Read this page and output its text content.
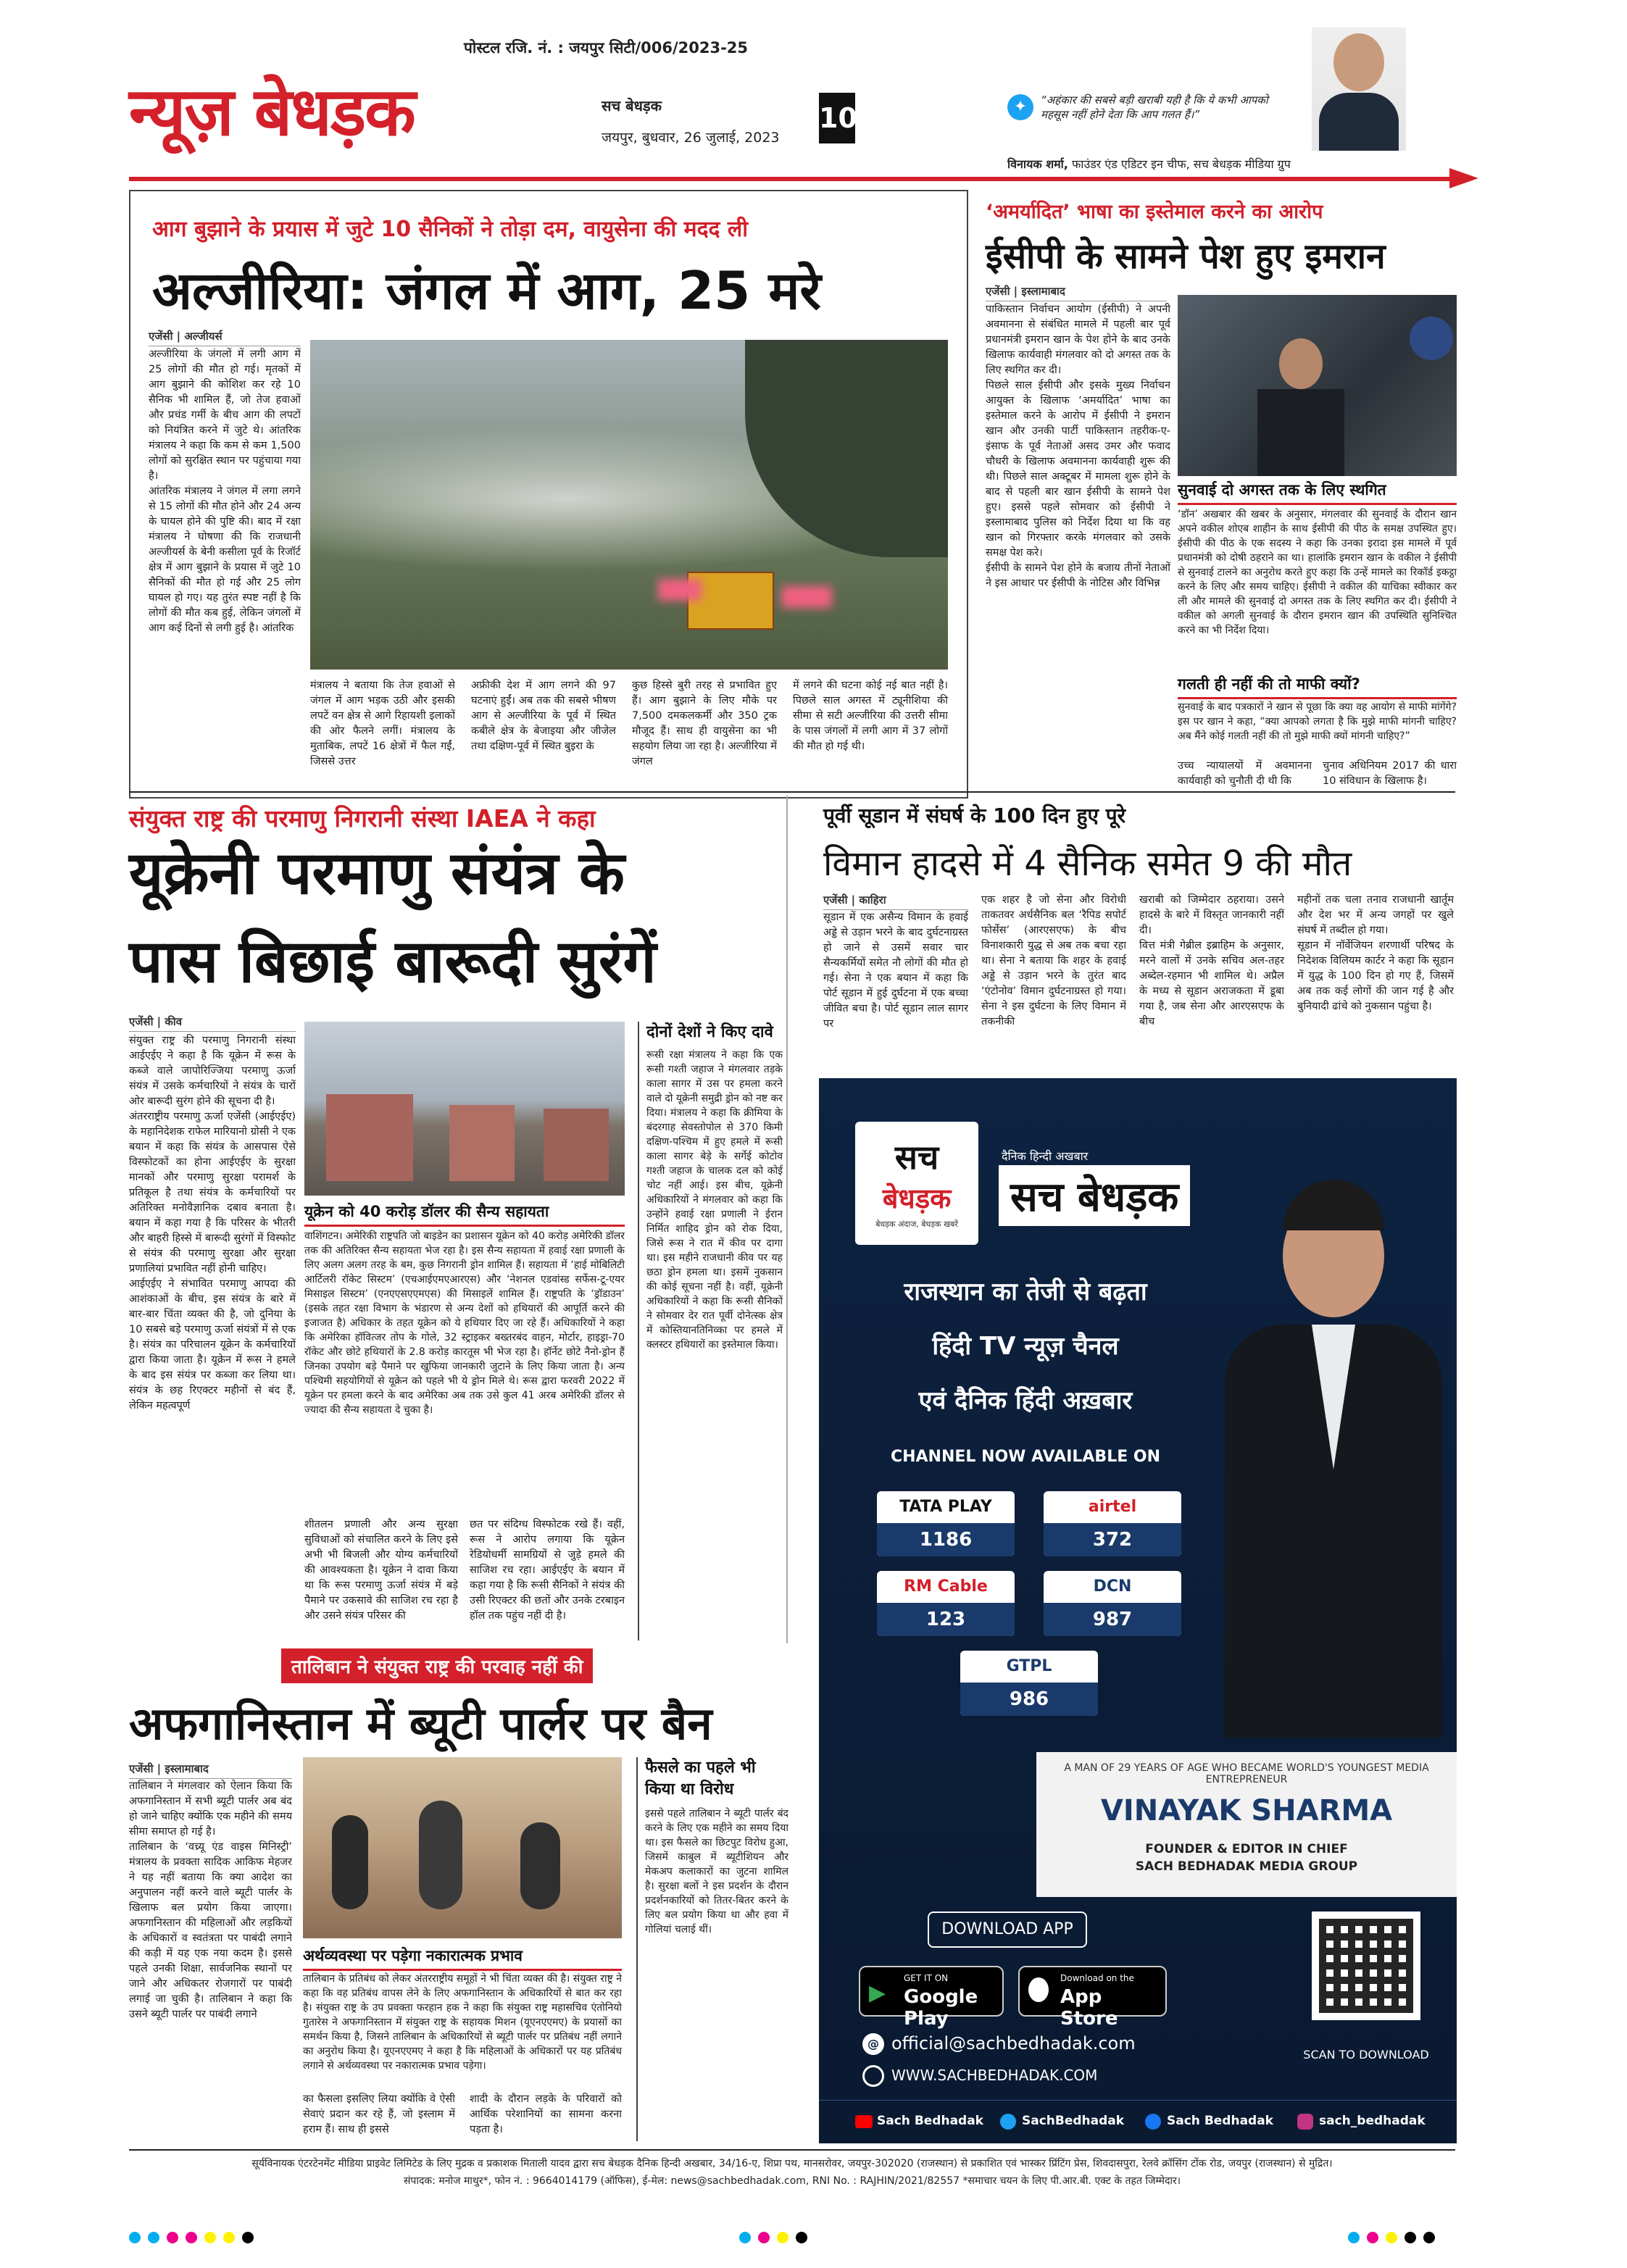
पोस्टल रजि. नं. : जयपुर सिटी/006/2023-25
न्यूज़ बेधड़क	सच बेधड़क
जयपुर, बुधवार, 26 जुलाई, 2023
10	✦	“अहंकार की सबसे बड़ी खराबी यही है कि ये कभी आपको महसूस नहीं होने देता कि आप गलत हैं।”
विनायक शर्मा, फाउंडर एंड एडिटर इन चीफ, सच बेधड़क मीडिया ग्रुप
आग बुझाने के प्रयास में जुटे 10 सैनिकों ने तोड़ा दम, वायुसेना की मदद ली
अल्जीरिया: जंगल में आग, 25 मरे
एजेंसी | अल्जीयर्स
अल्जीरिया के जंगलों में लगी आग में 25 लोगों की मौत हो गई। मृतकों में आग बुझाने की कोशिश कर रहे 10 सैनिक भी शामिल हैं, जो तेज हवाओं और प्रचंड गर्मी के बीच आग की लपटों को नियंत्रित करने में जुटे थे। आंतरिक मंत्रालय ने कहा कि कम से कम 1,500 लोगों को सुरक्षित स्थान पर पहुंचाया गया है।
आंतरिक मंत्रालय ने जंगल में लगा लगने से 15 लोगों की मौत होने और 24 अन्य के घायल होने की पुष्टि की। बाद में रक्षा मंत्रालय ने घोषणा की कि राजधानी अल्जीयर्स के बेनी कसीला पूर्व के रिजॉर्ट क्षेत्र में आग बुझाने के प्रयास में जुटे 10 सैनिकों की मौत हो गई और 25 लोग घायल हो गए। यह तुरंत स्पष्ट नहीं है कि लोगों की मौत कब हुई, लेकिन जंगलों में आग कई दिनों से लगी हुई है। आंतरिक
मंत्रालय ने बताया कि तेज हवाओं से जंगल में आग भड़क उठी और इसकी लपटें वन क्षेत्र से आगे रिहायशी इलाकों की ओर फैलने लगीं। मंत्रालय के मुताबिक, लपटें 16 क्षेत्रों में फैल गईं, जिससे उत्तर
अफ्रीकी देश में आग लगने की 97 घटनाएं हुईं। अब तक की सबसे भीषण आग से अल्जीरिया के पूर्व में स्थित कबीले क्षेत्र के बेजाइया और जीजेल तथा दक्षिण-पूर्व में स्थित बुइरा के
कुछ हिस्से बुरी तरह से प्रभावित हुए हैं। आग बुझाने के लिए मौके पर 7,500 दमकलकर्मी और 350 ट्रक मौजूद हैं। साथ ही वायुसेना का भी सहयोग लिया जा रहा है। अल्जीरिया में जंगल
में लगने की घटना कोई नई बात नहीं है। पिछले साल अगस्त में ट्यूनीशिया की सीमा से सटी अल्जीरिया की उत्तरी सीमा के पास जंगलों में लगी आग में 37 लोगों की मौत हो गई थी।
‘अमर्यादित’ भाषा का इस्तेमाल करने का आरोप
ईसीपी के सामने पेश हुए इमरान
एजेंसी | इस्लामाबाद
पाकिस्तान निर्वाचन आयोग (ईसीपी) ने अपनी अवमानना से संबंधित मामले में पहली बार पूर्व प्रधानमंत्री इमरान खान के पेश होने के बाद उनके खिलाफ कार्यवाही मंगलवार को दो अगस्त तक के लिए स्थगित कर दी।
पिछले साल ईसीपी और इसके मुख्य निर्वाचन आयुक्त के खिलाफ ‘अमर्यादित’ भाषा का इस्तेमाल करने के आरोप में ईसीपी ने इमरान खान और उनकी पार्टी पाकिस्तान तहरीक-ए-इंसाफ के पूर्व नेताओं असद उमर और फवाद चौधरी के खिलाफ अवमानना कार्यवाही शुरू की थी। पिछले साल अक्टूबर में मामला शुरू होने के बाद से पहली बार खान ईसीपी के सामने पेश हुए। इससे पहले सोमवार को ईसीपी ने इस्लामाबाद पुलिस को निर्देश दिया था कि वह खान को गिरफ्तार करके मंगलवार को उसके समक्ष पेश करे।
ईसीपी के सामने पेश होने के बजाय तीनों नेताओं ने इस आधार पर ईसीपी के नोटिस और विभिन्न
सुनवाई दो अगस्त तक के लिए स्थगित
‘डॉन’ अखबार की खबर के अनुसार, मंगलवार की सुनवाई के दौरान खान अपने वकील शोएब शाहीन के साथ ईसीपी की पीठ के समक्ष उपस्थित हुए। ईसीपी की पीठ के एक सदस्य ने कहा कि उनका इरादा इस मामले में पूर्व प्रधानमंत्री को दोषी ठहराने का था। हालांकि इमरान खान के वकील ने ईसीपी से सुनवाई टालने का अनुरोध करते हुए कहा कि उन्हें मामले का रिकॉर्ड इकट्ठा करने के लिए और समय चाहिए। ईसीपी ने वकील की याचिका स्वीकार कर ली और मामले की सुनवाई दो अगस्त तक के लिए स्थगित कर दी। ईसीपी ने वकील को अगली सुनवाई के दौरान इमरान खान की उपस्थिति सुनिश्चित करने का भी निर्देश दिया।
गलती ही नहीं की तो माफी क्यों?
सुनवाई के बाद पत्रकारों ने खान से पूछा कि क्या वह आयोग से माफी मांगेंगे? इस पर खान ने कहा, “क्या आपको लगता है कि मुझे माफी मांगनी चाहिए? अब मैंने कोई गलती नहीं की तो मुझे माफी क्यों मांगनी चाहिए?”
उच्च न्यायालयों में अवमानना कार्यवाही को चुनौती दी थी कि
चुनाव अधिनियम 2017 की धारा 10 संविधान के खिलाफ है।
संयुक्त राष्ट्र की परमाणु निगरानी संस्था IAEA ने कहा
यूक्रेनी परमाणु संयंत्र के
पास बिछाई बारूदी सुरंगें
एजेंसी | कीव
संयुक्त राष्ट्र की परमाणु निगरानी संस्था आईएईए ने कहा है कि यूक्रेन में रूस के कब्जे वाले जापोरिज्जिया परमाणु ऊर्जा संयंत्र में उसके कर्मचारियों ने संयंत्र के चारों ओर बारूदी सुरंग होने की सूचना दी है।
अंतरराष्ट्रीय परमाणु ऊर्जा एजेंसी (आईएईए) के महानिदेशक राफेल मारियानो ग्रोसी ने एक बयान में कहा कि संयंत्र के आसपास ऐसे विस्फोटकों का होना आईएईए के सुरक्षा मानकों और परमाणु सुरक्षा परामर्श के प्रतिकूल है तथा संयंत्र के कर्मचारियों पर अतिरिक्त मनोवैज्ञानिक दबाव बनाता है। बयान में कहा गया है कि परिसर के भीतरी और बाहरी हिस्से में बारूदी सुरंगों में विस्फोट से संयंत्र की परमाणु सुरक्षा और सुरक्षा प्रणालियां प्रभावित नहीं होनी चाहिए।
आईएईए ने संभावित परमाणु आपदा की आशंकाओं के बीच, इस संयंत्र के बारे में बार-बार चिंता व्यक्त की है, जो दुनिया के 10 सबसे बड़े परमाणु ऊर्जा संयंत्रों में से एक है। संयंत्र का परिचालन यूक्रेन के कर्मचारियों द्वारा किया जाता है। यूक्रेन में रूस ने हमले के बाद इस संयंत्र पर कब्जा कर लिया था। संयंत्र के छह रिएक्टर महीनों से बंद हैं, लेकिन महत्वपूर्ण
यूक्रेन को 40 करोड़ डॉलर की सैन्य सहायता
वाशिंगटन। अमेरिकी राष्ट्रपति जो बाइडेन का प्रशासन यूक्रेन को 40 करोड़ अमेरिकी डॉलर तक की अतिरिक्त सैन्य सहायता भेज रहा है। इस सैन्य सहायता में हवाई रक्षा प्रणाली के लिए अलग अलग तरह के बम, कुछ निगरानी ड्रोन शामिल हैं। सहायता में ‘हाई मोबिलिटी आर्टिलरी रॉकेट सिस्टम’ (एचआईएमएआरएस) और ‘नेशनल एडवांस्ड सर्फेस-टू-एयर मिसाइल सिस्टम’ (एनएएसएएमएस) की मिसाइलें शामिल हैं। राष्ट्रपति के ‘ड्रॉडाउन’ (इसके तहत रक्षा विभाग के भंडारण से अन्य देशों को हथियारों की आपूर्ति करने की इजाजत है) अधिकार के तहत यूक्रेन को ये हथियार दिए जा रहे हैं। अधिकारियों ने कहा कि अमेरिका हॉवित्जर तोप के गोले, 32 स्ट्राइकर बख्तरबंद वाहन, मोर्टार, हाइड्रा-70 रॉकेट और छोटे हथियारों के 2.8 करोड़ कारतूस भी भेज रहा है। हॉर्नेट छोटे नैनो-ड्रोन हैं जिनका उपयोग बड़े पैमाने पर खुफिया जानकारी जुटाने के लिए किया जाता है। अन्य पश्चिमी सहयोगियों से यूक्रेन को पहले भी ये ड्रोन मिले थे। रूस द्वारा फरवरी 2022 में यूक्रेन पर हमला करने के बाद अमेरिका अब तक उसे कुल 41 अरब अमेरिकी डॉलर से ज्यादा की सैन्य सहायता दे चुका है।
शीतलन प्रणाली और अन्य सुरक्षा सुविधाओं को संचालित करने के लिए इसे अभी भी बिजली और योग्य कर्मचारियों की आवश्यकता है। यूक्रेन ने दावा किया था कि रूस परमाणु ऊर्जा संयंत्र में बड़े पैमाने पर उकसावे की साजिश रच रहा है और उसने संयंत्र परिसर की
छत पर संदिग्ध विस्फोटक रखे हैं। वहीं, रूस ने आरोप लगाया कि यूक्रेन रेडियोधर्मी सामग्रियों से जुड़े हमले की साजिश रच रहा। आईएईए के बयान में कहा गया है कि रूसी सैनिकों ने संयंत्र की उसी रिएक्टर की छतों और उनके टरबाइन हॉल तक पहुंच नहीं दी है।
दोनों देशों ने किए दावे
रूसी रक्षा मंत्रालय ने कहा कि एक रूसी गश्ती जहाज ने मंगलवार तड़के काला सागर में उस पर हमला करने वाले दो यूक्रेनी समुद्री ड्रोन को नष्ट कर दिया। मंत्रालय ने कहा कि क्रीमिया के बंदरगाह सेवस्तोपोल से 370 किमी दक्षिण-पश्चिम में हुए हमले में रूसी काला सागर बेड़े के सर्गेई कोटोव गश्ती जहाज के चालक दल को कोई चोट नहीं आई। इस बीच, यूक्रेनी अधिकारियों ने मंगलवार को कहा कि उन्होंने हवाई रक्षा प्रणाली ने ईरान निर्मित शाहिद ड्रोन को रोक दिया, जिसे रूस ने रात में कीव पर दागा था। इस महीने राजधानी कीव पर यह छठा ड्रोन हमला था। इसमें नुकसान की कोई सूचना नहीं है। वहीं, यूक्रेनी अधिकारियों ने कहा कि रूसी सैनिकों ने सोमवार देर रात पूर्वी दोनेत्स्क क्षेत्र में कोस्तियानतिनिव्का पर हमले में क्लस्टर हथियारों का इस्तेमाल किया।
पूर्वी सूडान में संघर्ष के 100 दिन हुए पूरे
विमान हादसे में 4 सैनिक समेत 9 की मौत
एजेंसी | काहिरा
सूडान में एक असैन्य विमान के हवाई अड्डे से उड़ान भरने के बाद दुर्घटनाग्रस्त हो जाने से उसमें सवार चार सैन्यकर्मियों समेत नौ लोगों की मौत हो गई। सेना ने एक बयान में कहा कि पोर्ट सूडान में हुई दुर्घटना में एक बच्चा जीवित बचा है। पोर्ट सूडान लाल सागर पर
एक शहर है जो सेना और विरोधी ताकतवर अर्धसैनिक बल ‘रैपिड सपोर्ट फोर्सेस’ (आरएसएफ) के बीच विनाशकारी युद्ध से अब तक बचा रहा था। सेना ने बताया कि शहर के हवाई अड्डे से उड़ान भरने के तुरंत बाद ‘एंटोनोव’ विमान दुर्घटनाग्रस्त हो गया। सेना ने इस दुर्घटना के लिए विमान में तकनीकी
खराबी को जिम्मेदार ठहराया। उसने हादसे के बारे में विस्तृत जानकारी नहीं दी।
वित्त मंत्री गेब्रील इब्राहिम के अनुसार, मरने वालों में उनके सचिव अल-तहर अब्देल-रहमान भी शामिल थे। अप्रैल के मध्य से सूडान अराजकता में डूबा गया है, जब सेना और आरएसएफ के बीच
महीनों तक चला तनाव राजधानी खार्तूम और देश भर में अन्य जगहों पर खुले संघर्ष में तब्दील हो गया।
सूडान में नॉर्वेजियन शरणार्थी परिषद के निदेशक विलियम कार्टर ने कहा कि सूडान में युद्ध के 100 दिन हो गए हैं, जिसमें अब तक कई लोगों की जान गई है और बुनियादी ढांचे को नुकसान पहुंचा है।
सच
बेधड़क
बेधड़क अंदाज, बेधड़क खबरें
दैनिक हिन्दी अखबार
सच बेधड़क
राजस्थान का तेजी से बढ़ता
हिंदी TV न्यूज़ चैनल
एवं दैनिक हिंदी अख़बार
CHANNEL NOW AVAILABLE ON
TATA PLAY
1186
airtel
372
RM Cable
123
DCN
987
GTPL
986
A MAN OF 29 YEARS OF AGE WHO BECAME WORLD'S YOUNGEST MEDIA ENTREPRENEUR
VINAYAK SHARMA
FOUNDER & EDITOR IN CHIEF
SACH BEDHADAK MEDIA GROUP
DOWNLOAD APP
▶
GET IT ON
Google Play
Download on the
App Store
@ official@sachbedhadak.com
WWW.SACHBEDHADAK.COM
SCAN TO DOWNLOAD
Sach Bedhadak	SachBedhadak	Sach Bedhadak	sach_bedhadak
तालिबान ने संयुक्त राष्ट्र की परवाह नहीं की
अफगानिस्तान में ब्यूटी पार्लर पर बैन
एजेंसी | इस्लामाबाद
तालिबान ने मंगलवार को ऐलान किया कि अफगानिस्तान में सभी ब्यूटी पार्लर अब बंद हो जाने चाहिए क्योंकि एक महीने की समय सीमा समाप्त हो गई है।
तालिबान के ‘वच्र्यू एंड वाइस मिनिस्ट्री’ मंत्रालय के प्रवक्ता सादिक आकिफ मेहजर ने यह नहीं बताया कि क्या आदेश का अनुपालन नहीं करने वाले ब्यूटी पार्लर के खिलाफ बल प्रयोग किया जाएगा। अफगानिस्तान की महिलाओं और लड़कियों के अधिकारों व स्वतंत्रता पर पाबंदी लगाने की कड़ी में यह एक नया कदम है। इससे पहले उनकी शिक्षा, सार्वजनिक स्थानों पर जाने और अधिकतर रोजगारों पर पाबंदी लगाई जा चुकी है। तालिबान ने कहा कि उसने ब्यूटी पार्लर पर पाबंदी लगाने
अर्थव्यवस्था पर पड़ेगा नकारात्मक प्रभाव
तालिबान के प्रतिबंध को लेकर अंतरराष्ट्रीय समूहों ने भी चिंता व्यक्त की है। संयुक्त राष्ट्र ने कहा कि वह प्रतिबंध वापस लेने के लिए अफगानिस्तान के अधिकारियों से बात कर रहा है। संयुक्त राष्ट्र के उप प्रवक्ता फरहान हक ने कहा कि संयुक्त राष्ट्र महासचिव एंतोनियो गुतारेस ने अफगानिस्तान में संयुक्त राष्ट्र के सहायक मिशन (यूएनएएमए) के प्रयासों का समर्थन किया है, जिसने तालिबान के अधिकारियों से ब्यूटी पार्लर पर प्रतिबंध नहीं लगाने का अनुरोध किया है। यूएनएएमए ने कहा है कि महिलाओं के अधिकारों पर यह प्रतिबंध लगाने से अर्थव्यवस्था पर नकारात्मक प्रभाव पड़ेगा।
का फैसला इसलिए लिया क्योंकि वे ऐसी सेवाएं प्रदान कर रहे हैं, जो इस्लाम में हराम हैं। साथ ही इससे
शादी के दौरान लड़के के परिवारों को आर्थिक परेशानियों का सामना करना पड़ता है।
फैसले का पहले भी किया था विरोध
इससे पहले तालिबान ने ब्यूटी पार्लर बंद करने के लिए एक महीने का समय दिया था। इस फैसले का छिटपुट विरोध हुआ, जिसमें काबुल में ब्यूटीशियन और मेकअप कलाकारों का जुटना शामिल है। सुरक्षा बलों ने इस प्रदर्शन के दौरान प्रदर्शनकारियों को तितर-बितर करने के लिए बल प्रयोग किया था और हवा में गोलियां चलाई थीं।
सूर्यविनायक एंटरटेनमेंट मीडिया प्राइवेट लिमिटेड के लिए मुद्रक व प्रकाशक मिताली यादव द्वारा सच बेधड़क दैनिक हिन्दी अखबार, 34/16-ए, शिप्रा पथ, मानसरोवर, जयपुर-302020 (राजस्थान) से प्रकाशित एवं भास्कर प्रिंटिंग प्रेस, शिवदासपुरा, रेलवे क्रॉसिंग टोंक रोड, जयपुर (राजस्थान) से मुद्रित।
संपादक: मनोज माथुर*, फोन नं. : 9664014179 (ऑफिस), ई-मेल: news@sachbedhadak.com, RNI No. : RAJHIN/2021/82557 *समाचार चयन के लिए पी.आर.बी. एक्ट के तहत जिम्मेदार।
